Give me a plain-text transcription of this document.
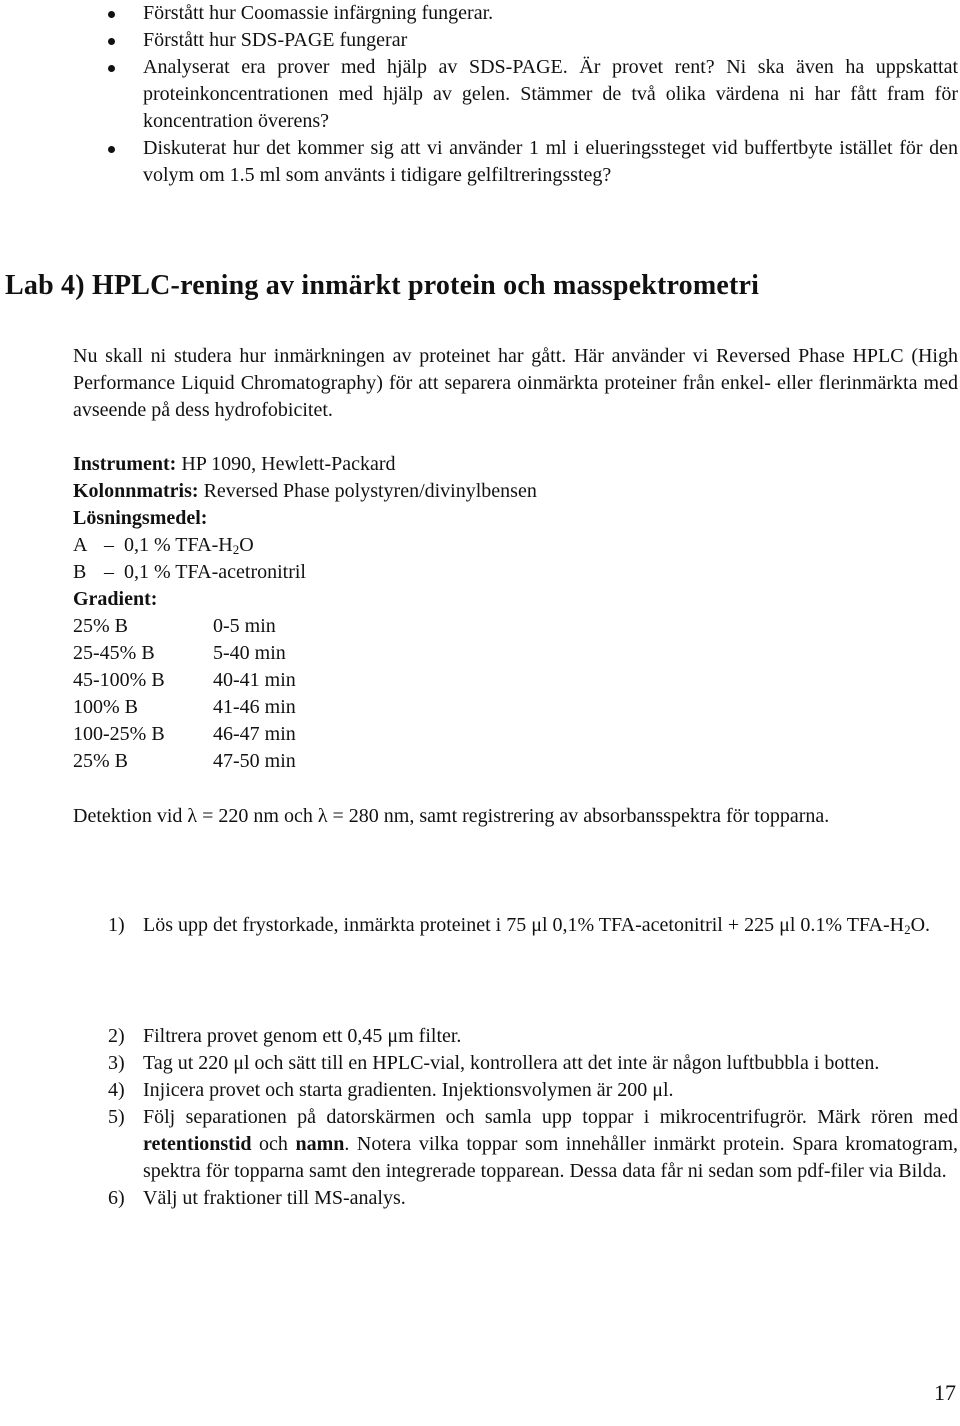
Förstått hur Coomassie infärgning fungerar.
Förstått hur SDS-PAGE fungerar
Analyserat era prover med hjälp av SDS-PAGE. Är provet rent? Ni ska även ha uppskattat proteinkoncentrationen med hjälp av gelen. Stämmer de två olika värdena ni har fått fram för koncentration överens?
Diskuterat hur det kommer sig att vi använder 1 ml i elueringssteget vid buffertbyte istället för den volym om 1.5 ml som använts i tidigare gelfiltreringssteg?
Lab 4) HPLC-rening av inmärkt protein och masspektrometri
Nu skall ni studera hur inmärkningen av proteinet har gått. Här använder vi Reversed Phase HPLC (High Performance Liquid Chromatography) för att separera oinmärkta proteiner från enkel- eller flerinmärkta med avseende på dess hydrofobicitet.
Instrument: HP 1090, Hewlett-Packard
Kolonnmatris: Reversed Phase polystyren/divinylbensen
Lösningsmedel:
A – 0,1 % TFA-$H_2O$
B – 0,1 % TFA-acetronitril
Gradient:
25% B	0-5 min
25-45% B	5-40 min
45-100% B 40-41 min
100% B	41-46 min
100-25% B 46-47 min
25% B	47-50 min
Detektion vid λ = 220 nm och λ = 280 nm, samt registrering av absorbansspektra för topparna.
1) Lös upp det frystorkade, inmärkta proteinet i 75 μl 0,1% TFA-acetonitril + 225 μl 0.1% TFA-$H_2O$.
2) Filtrera provet genom ett 0,45 μm filter.
3) Tag ut 220 μl och sätt till en HPLC-vial, kontrollera att det inte är någon luftbubbla i botten.
4) Injicera provet och starta gradienten. Injektionsvolymen är 200 μl.
5) Följ separationen på datorskärmen och samla upp toppar i mikrocentrifugrör. Märk rören med retentionstid och namn. Notera vilka toppar som innehåller inmärkt protein. Spara kromatogram, spektra för topparna samt den integrerade topparean. Dessa data får ni sedan som pdf-filer via Bilda.
6) Välj ut fraktioner till MS-analys.
17
